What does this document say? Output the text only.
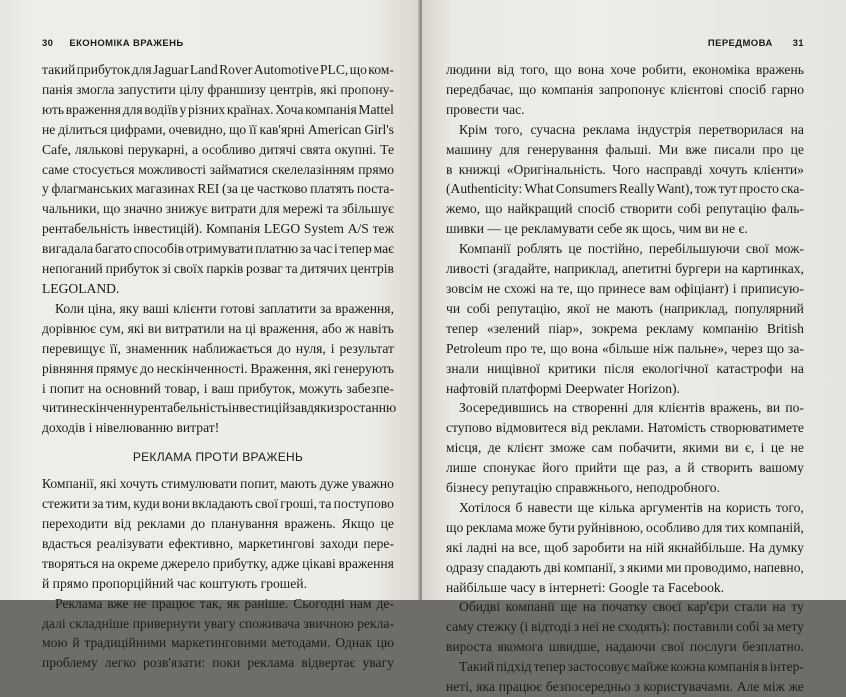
30 ЕКОНОМІКА ВРАЖЕНЬ
такий прибуток для Jaguar Land Rover Automotive PLC, що ком-
панія змогла запустити цілу франшизу центрів, які пропону-
ють враження для водіїв у різних країнах. Хоча компанія Mattel
не ділиться цифрами, очевидно, що її кав'ярні American Girl's
Cafe, лялькові перукарні, а особливо дитячі свята окупні. Те
саме стосується можливості займатися скелелазінням прямо
у флагманських магазинах REI (за це частково платять поста-
чальники, що значно знижує витрати для мережі та збільшує
рентабельність інвестицій). Компанія LEGO System A/S теж
вигадала багато способів отримувати платню за час і тепер має
непоганий прибуток зі своїх парків розваг та дитячих центрів
LEGOLAND.
Коли ціна, яку ваші клієнти готові заплатити за враження,
дорівнює сум, які ви витратили на ці враження, або ж навіть
перевищує її, знаменник наближається до нуля, і результат
рівняння прямує до нескінченності. Враження, які генерують
і попит на основний товар, і ваш прибуток, можуть забезпе-
чити нескінченну рентабельність інвестицій завдяки зростанню
доходів і нівелюванню витрат!
РЕКЛАМА ПРОТИ ВРАЖЕНЬ
Компанії, які хочуть стимулювати попит, мають дуже уважно
стежити за тим, куди вони вкладають свої гроші, та поступово
переходити від реклами до планування вражень. Якщо це
вдасться реалізувати ефективно, маркетингові заходи пере-
творяться на окреме джерело прибутку, адже цікаві враження
й прямо пропорційний час коштують грошей.
Реклама вже не працює так, як раніше. Сьогодні нам де-
далі складніше привернути увагу споживача звичною рекла-
мою й традиційними маркетинговими методами. Однак цю
проблему легко розв'язати: поки реклама відвертає увагу
ПЕРЕДМОВА 31
людини від того, що вона хоче робити, економіка вражень
передбачає, що компанія запропонує клієнтові спосіб гарно
провести час.
Крім того, сучасна реклама індустрія перетворилася на
машину для генерування фальші. Ми вже писали про це
в книжці «Оригінальність. Чого насправді хочуть клієнти»
(Authenticity: What Consumers Really Want), тож тут просто ска-
жемо, що найкращий спосіб створити собі репутацію фаль-
шивки — це рекламувати себе як щось, чим ви не є.
Компанії роблять це постійно, перебільшуючи свої мож-
ливості (згадайте, наприклад, апетитні бургери на картинках,
зовсім не схожі на те, що принесе вам офіціант) і приписую-
чи собі репутацію, якої не мають (наприклад, популярний
тепер «зелений піар», зокрема рекламу компанію British
Petroleum про те, що вона «більше ніж пальне», через що за-
знали нищівної критики після екологічної катастрофи на
нафтовій платформі Deepwater Horizon).
Зосередившись на створенні для клієнтів вражень, ви по-
ступово відмовитеся від реклами. Натомість створюватимете
місця, де клієнт зможе сам побачити, якими ви є, і це не
лише спонукає його прийти ще раз, а й створить вашому
бізнесу репутацію справжнього, неподробного.
Хотілося б навести ще кілька аргументів на користь того,
що реклама може бути руйнівною, особливо для тих компаній,
які ладні на все, щоб заробити на ній якнайбільше. На думку
одразу спадають дві компанії, з якими ми проводимо, напевно,
найбільше часу в інтернеті: Google та Facebook.
Обидві компанії ще на початку своєї кар'єри стали на ту
саму стежку (і відтоді з неї не сходять): поставили собі за мету
вироста якомога швидше, надаючи свої послуги безплатно.
Такий підхід тепер застосовує майже кожна компанія в інтер-
неті, яка працює безпосередньо з користувачами. Але між же
